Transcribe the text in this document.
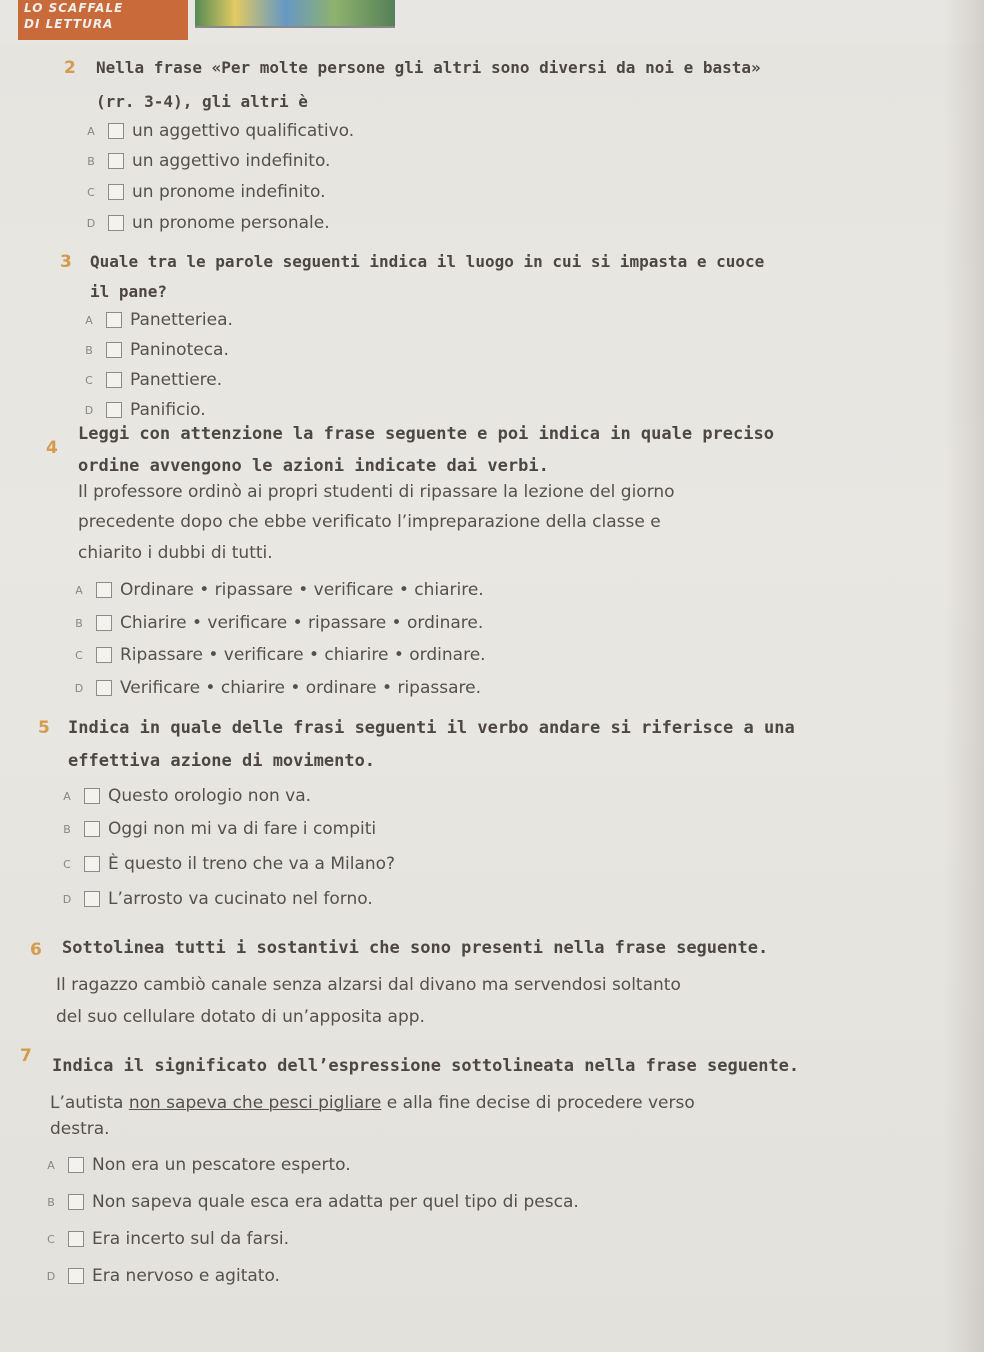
LO SCAFFALE
DI LETTURA
2 Nella frase «Per molte persone gli altri sono diversi da noi e basta»
(rr. 3-4), gli altri è
A un aggettivo qualificativo.
B un aggettivo indefinito.
C un pronome indefinito.
D un pronome personale.
3 Quale tra le parole seguenti indica il luogo in cui si impasta e cuoce
il pane?
A Panetteriea.
B Paninoteca.
C Panettiere.
D Panificio.
4
Leggi con attenzione la frase seguente e poi indica in quale preciso
ordine avvengono le azioni indicate dai verbi.
Il professore ordinò ai propri studenti di ripassare la lezione del giorno
precedente dopo che ebbe verificato l’impreparazione della classe e
chiarito i dubbi di tutti.
A Ordinare • ripassare • verificare • chiarire.
B Chiarire • verificare • ripassare • ordinare.
C Ripassare • verificare • chiarire • ordinare.
D Verificare • chiarire • ordinare • ripassare.
5 Indica in quale delle frasi seguenti il verbo andare si riferisce a una
effettiva azione di movimento.
A Questo orologio non va.
B Oggi non mi va di fare i compiti
C È questo il treno che va a Milano?
D L’arrosto va cucinato nel forno.
6 Sottolinea tutti i sostantivi che sono presenti nella frase seguente.
Il ragazzo cambiò canale senza alzarsi dal divano ma servendosi soltanto
del suo cellulare dotato di un’apposita app.
7 Indica il significato dell’espressione sottolineata nella frase seguente.
L’autista non sapeva che pesci pigliare e alla fine decise di procedere verso
destra.
A Non era un pescatore esperto.
B Non sapeva quale esca era adatta per quel tipo di pesca.
C Era incerto sul da farsi.
D Era nervoso e agitato.
